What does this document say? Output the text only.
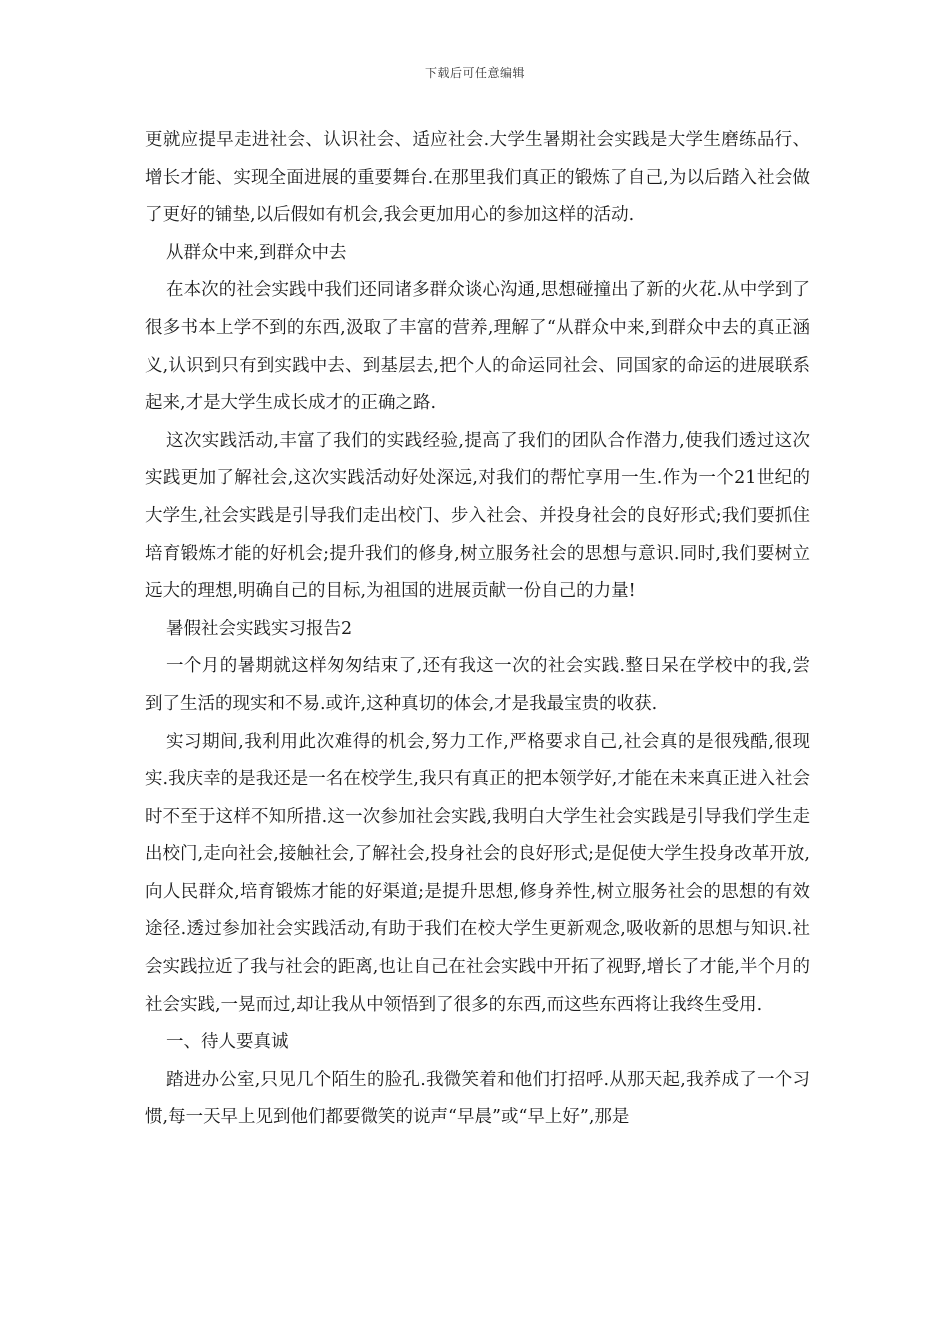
下载后可任意编辑

更就应提早走进社会、认识社会、适应社会.大学生暑期社会实践是大学生磨练品行、增长才能、实现全面进展的重要舞台.在那里我们真正的锻炼了自己,为以后踏入社会做了更好的铺垫,以后假如有机会,我会更加用心的参加这样的活动.

从群众中来,到群众中去

在本次的社会实践中我们还同诸多群众谈心沟通,思想碰撞出了新的火花.从中学到了很多书本上学不到的东西,汲取了丰富的营养,理解了“从群众中来,到群众中去的真正涵义,认识到只有到实践中去、到基层去,把个人的命运同社会、同国家的命运的进展联系起来,才是大学生成长成才的正确之路.

这次实践活动,丰富了我们的实践经验,提高了我们的团队合作潜力,使我们透过这次实践更加了解社会,这次实践活动好处深远,对我们的帮忙享用一生.作为一个21世纪的大学生,社会实践是引导我们走出校门、步入社会、并投身社会的良好形式;我们要抓住培育锻炼才能的好机会;提升我们的修身,树立服务社会的思想与意识.同时,我们要树立远大的理想,明确自己的目标,为祖国的进展贡献一份自己的力量!

暑假社会实践实习报告2

一个月的暑期就这样匆匆结束了,还有我这一次的社会实践.整日呆在学校中的我,尝到了生活的现实和不易.或许,这种真切的体会,才是我最宝贵的收获.

实习期间,我利用此次难得的机会,努力工作,严格要求自己,社会真的是很残酷,很现实.我庆幸的是我还是一名在校学生,我只有真正的把本领学好,才能在未来真正进入社会时不至于这样不知所措.这一次参加社会实践,我明白大学生社会实践是引导我们学生走出校门,走向社会,接触社会,了解社会,投身社会的良好形式;是促使大学生投身改革开放,向人民群众,培育锻炼才能的好渠道;是提升思想,修身养性,树立服务社会的思想的有效途径.透过参加社会实践活动,有助于我们在校大学生更新观念,吸收新的思想与知识.社会实践拉近了我与社会的距离,也让自己在社会实践中开拓了视野,增长了才能,半个月的社会实践,一晃而过,却让我从中领悟到了很多的东西,而这些东西将让我终生受用.

一、待人要真诚

踏进办公室,只见几个陌生的脸孔.我微笑着和他们打招呼.从那天起,我养成了一个习惯,每一天早上见到他们都要微笑的说声“早晨”或“早上好”,那是
